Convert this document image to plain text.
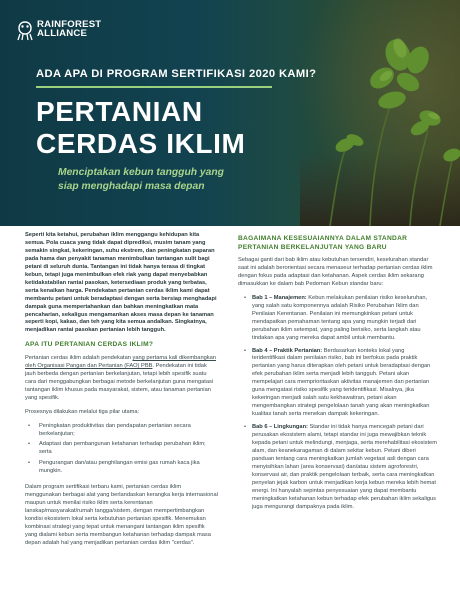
RAINFOREST
ALLIANCE
ADA APA DI PROGRAM SERTIFIKASI 2020 KAMI?
PERTANIAN
CERDAS IKLIM
Menciptakan kebun tangguh yang
siap menghadapi masa depan

Seperti kita ketahui, perubahan iklim menggangu kehidupan kita semua. Pola cuaca yang tidak dapat diprediksi, musim tanam yang semakin singkat, kekeringan, suhu ekstrem, dan peningkatan paparan pada hama dan penyakit tanaman menimbulkan tantangan sulit bagi petani di seluruh dunia. Tantangan ini tidak hanya terasa di tingkat kebun, tetapi juga menimbulkan efek riak yang dapat menyebabkan ketidakstabilan rantai pasokan, ketersediaan produk yang terbatas, serta kenaikan harga. Pendekatan pertanian cerdas iklim kami dapat membantu petani untuk beradaptasi dengan serta bersiap menghadapi dampak guna mempertahankan dan bahkan meningkatkan mata pencaharian, sekaligus mengamankan akses masa depan ke tanaman seperti kopi, kakao, dan teh yang kita semua andalkan. Singkatnya, menjadikan rantai pasokan pertanian lebih tangguh.

APA ITU PERTANIAN CERDAS IKLIM?

Pertanian cerdas iklim adalah pendekatan yang pertama kali dikembangkan oleh Organisasi Pangan dan Pertanian (FAO) PBB. Pendekatan ini tidak jauh berbeda dengan pertanian berkelanjutan, tetapi lebih spesifik suatu cara dari menggabungkan berbagai metode berkelanjutan guna mengatasi tantangan iklim khusus pada masyarakat, sistem, atau tanaman pertanian yang spesifik.

Prosesnya dilakukan melalui tiga pilar utama:

• Peningkatan produktivitas dan pendapatan pertanian secara berkelanjutan;
• Adaptasi dan pembangunan ketahanan terhadap perubahan iklim; serta
• Pengurangan dan/atau penghilangan emisi gas rumah kaca jika mungkin.

Dalam program sertifikasi terbaru kami, pertanian cerdas iklim menggunakan berbagai alat yang berlandaskan kerangka kerja internasional maupun untuk menilai risiko iklim serta kerentanan lanskap/masyarakat/rumah tangga/sistem, dengan mempertimbangkan kondisi ekosistem lokal serta kebutuhan pertanian spesifik. Menemukan kombinasi strategi yang tepat untuk menangani tantangan iklim spesifik yang dialami kebun serta membangun ketahanan terhadap dampak masa depan adalah hal yang menjadikan pertanian cerdas iklim "cerdas".

BAGAIMANA KESESUAIANNYA DALAM STANDAR
PERTANIAN BERKELANJUTAN YANG BARU

Sebagai ganti dari bab iklim atau kebutuhan tersendiri, keselurahan standar saat ini adalah berorientasi secara menaseur terhadap pertanian cerdas iklim dengan fokus pada adaptasi dan ketahanan. Aspek cerdas iklim sekarang dimasukkan ke dalam bab Pedoman Kebun standar baru:

• Bab 1 – Manajemen: Kebun melakukan penilaian risiko keseluruhan, yang salah satu komponennya adalah Risiko Perubahan Iklim dan Penilaian Kerentanan. Penilaian ini memungkinkan petani untuk mendapatkan pemahaman tentang apa yang mungkin terjadi dari perubahan iklim setempat, yang paling berisiko, serta langkah atau tindakan apa yang mereka dapat ambil untuk membantu.
• Bab 4 – Praktik Pertanian: Berdasarkan konteks lokal yang teridentifikasi dalam penilaian risiko, bab ini berfokus pada praktik pertanian yang harus diterapkan oleh petani untuk beradaptasi dengan efek perubahan iklim serta menjadi lebih tangguh. Petani akan mempelajari cara memprioritaskan aktivitas manajemen dan pertanian guna mengatasi risiko spesifik yang teridentifikasi. Misalnya, jika kekeringan menjadi salah satu kekhawatiran, petani akan mengembangkan strategi pengelolaan tanah yang akan meningkatkan kualitas tanah serta menekan dampak kekeringan.
• Bab 6 – Lingkungan: Standar ini tidak hanya mencegah petani dari perusakan ekosistem alami, tetapi standar ini juga mewajibkan teknik kepada petani untuk melindungi, menjaga, serta merehabilitasi ekosistem alam, dan keanekaragaman di dalam sekitar kebun. Petani diberi panduan tentang cara meningkatkan jumlah vegetasi asli dengan cara menyisihkan lahan (area konservasi) dan/atau sistem agroforestri, konservasi air, dan praktik pengelolaan terbaik, serta cara meningkatkan penyelan jejak karbon untuk menjadikan kerja kebun mereka lebih hemat energi. Ini hanyalah sepintas penyesuaian yang dapat membantu meningkatkan ketahanan kebun terhadap efek perubahan iklim sekaligus juga mengurangi dampaknya pada iklim.
